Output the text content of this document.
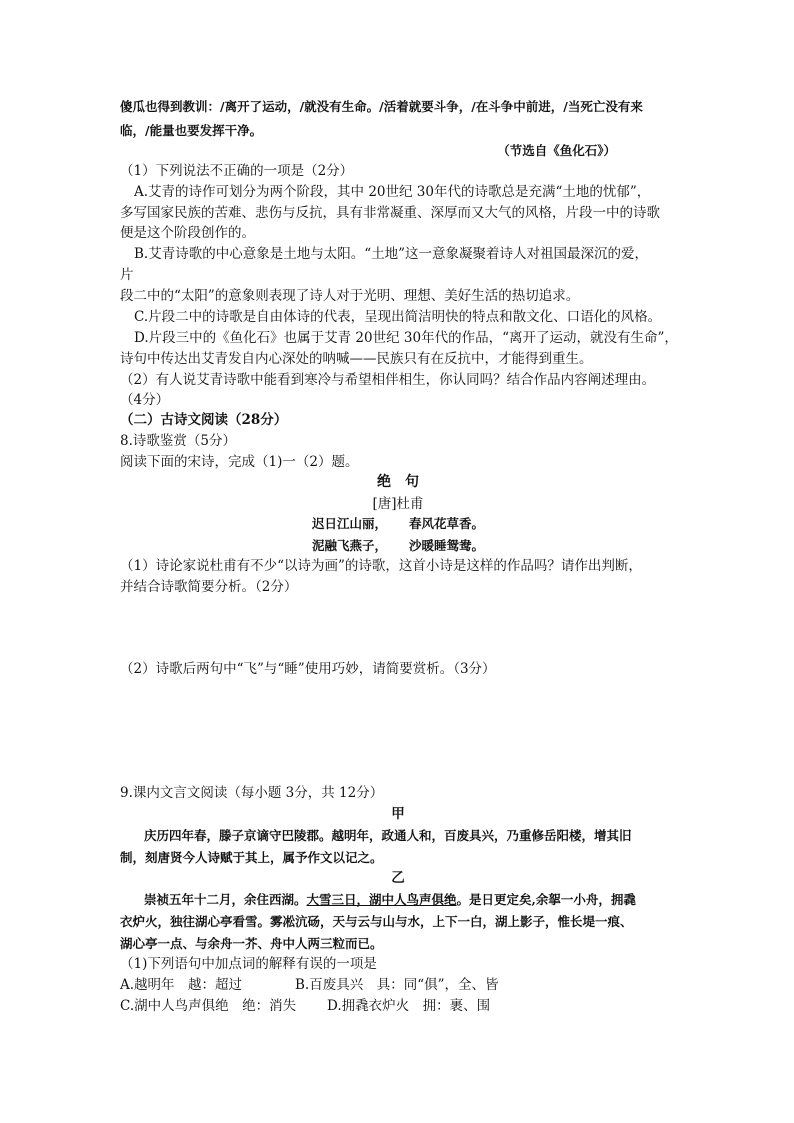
傻瓜也得到教训：/离开了运动，/就没有生命。/活着就要斗争，/在斗争中前进，/当死亡没有来
临，/能量也要发挥干净。
（节选自《鱼化石》）
（1）下列说法不正确的一项是（2分）
A.艾青的诗作可划分为两个阶段，其中 20世纪 30年代的诗歌总是充满“土地的忧郁”，
多写国家民族的苦难、悲伤与反抗，具有非常凝重、深厚而又大气的风格，片段一中的诗歌
便是这个阶段创作的。
B.艾青诗歌的中心意象是土地与太阳。“土地”这一意象凝聚着诗人对祖国最深沉的爱，
片
段二中的“太阳”的意象则表现了诗人对于光明、理想、美好生活的热切追求。
C.片段二中的诗歌是自由体诗的代表，呈现出简洁明快的特点和散文化、口语化的风格。
D.片段三中的《鱼化石》也属于艾青 20世纪 30年代的作品，“离开了运动，就没有生命”，
诗句中传达出艾青发自内心深处的呐喊——民族只有在反抗中，才能得到重生。
（2）有人说艾青诗歌中能看到寒冷与希望相伴相生，你认同吗？结合作品内容阐述理由。
（4分）
（二）古诗文阅读（28分）
8.诗歌鉴赏（5分）
阅读下面的宋诗，完成（1)一（2）题。
绝　句
[唐]杜甫
迟日江山丽， 春风花草香。
泥融飞燕子， 沙暖睡鸳鸯。
（1）诗论家说杜甫有不少“以诗为画”的诗歌，这首小诗是这样的作品吗？请作出判断，
并结合诗歌简要分析。（2分）
（2）诗歌后两句中“飞”与“睡”使用巧妙，请简要赏析。（3分）
9.课内文言文阅读（每小题 3分，共 12分）
甲
庆历四年春，滕子京谪守巴陵郡。越明年，政通人和，百废具兴，乃重修岳阳楼，增其旧
制，刻唐贤今人诗赋于其上，属予作文以记之。
乙
崇祯五年十二月，余住西湖。大雪三日，湖中人鸟声俱绝。是日更定矣,余挐一小舟，拥毳
衣炉火，独往湖心亭看雪。雾凇沆砀，天与云与山与水，上下一白，湖上影子，惟长堤一痕、
湖心亭一点、与余舟一芥、舟中人两三粒而已。
（1)下列语句中加点词的解释有误的一项是
A.越明年　越：超过	B.百废具兴　具：同“俱”，全、皆
C.湖中人鸟声俱绝　绝：消失 D.拥毳衣炉火　拥：裹、围
